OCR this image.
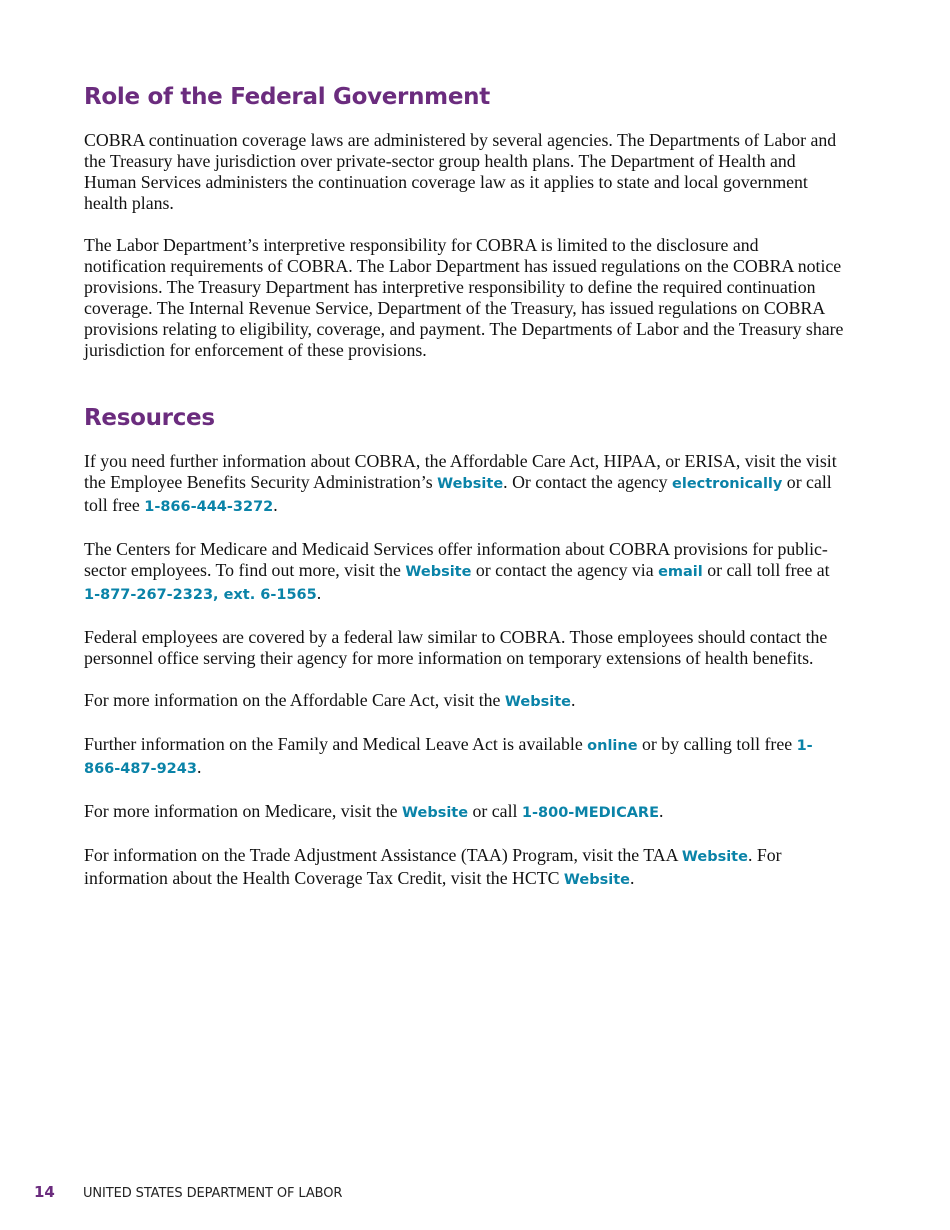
Role of the Federal Government

COBRA continuation coverage laws are administered by several agencies. The Departments of Labor and the Treasury have jurisdiction over private-sector group health plans. The Department of Health and Human Services administers the continuation coverage law as it applies to state and local government health plans.

The Labor Department’s interpretive responsibility for COBRA is limited to the disclosure and notification requirements of COBRA. The Labor Department has issued regulations on the COBRA notice provisions. The Treasury Department has interpretive responsibility to define the required continuation coverage. The Internal Revenue Service, Department of the Treasury, has issued regulations on COBRA provisions relating to eligibility, coverage, and payment. The Departments of Labor and the Treasury share jurisdiction for enforcement of these provisions.

Resources

If you need further information about COBRA, the Affordable Care Act, HIPAA, or ERISA, visit the visit the Employee Benefits Security Administration’s Website. Or contact the agency electronically or call toll free 1-866-444-3272.

The Centers for Medicare and Medicaid Services offer information about COBRA provisions for public-sector employees. To find out more, visit the Website or contact the agency via email or call toll free at 1-877-267-2323, ext. 6-1565.

Federal employees are covered by a federal law similar to COBRA. Those employees should contact the personnel office serving their agency for more information on temporary extensions of health benefits.

For more information on the Affordable Care Act, visit the Website.

Further information on the Family and Medical Leave Act is available online or by calling toll free 1-866-487-9243.

For more information on Medicare, visit the Website or call 1-800-MEDICARE.

For information on the Trade Adjustment Assistance (TAA) Program, visit the TAA Website. For information about the Health Coverage Tax Credit, visit the HCTC Website.

14 UNITED STATES DEPARTMENT OF LABOR
